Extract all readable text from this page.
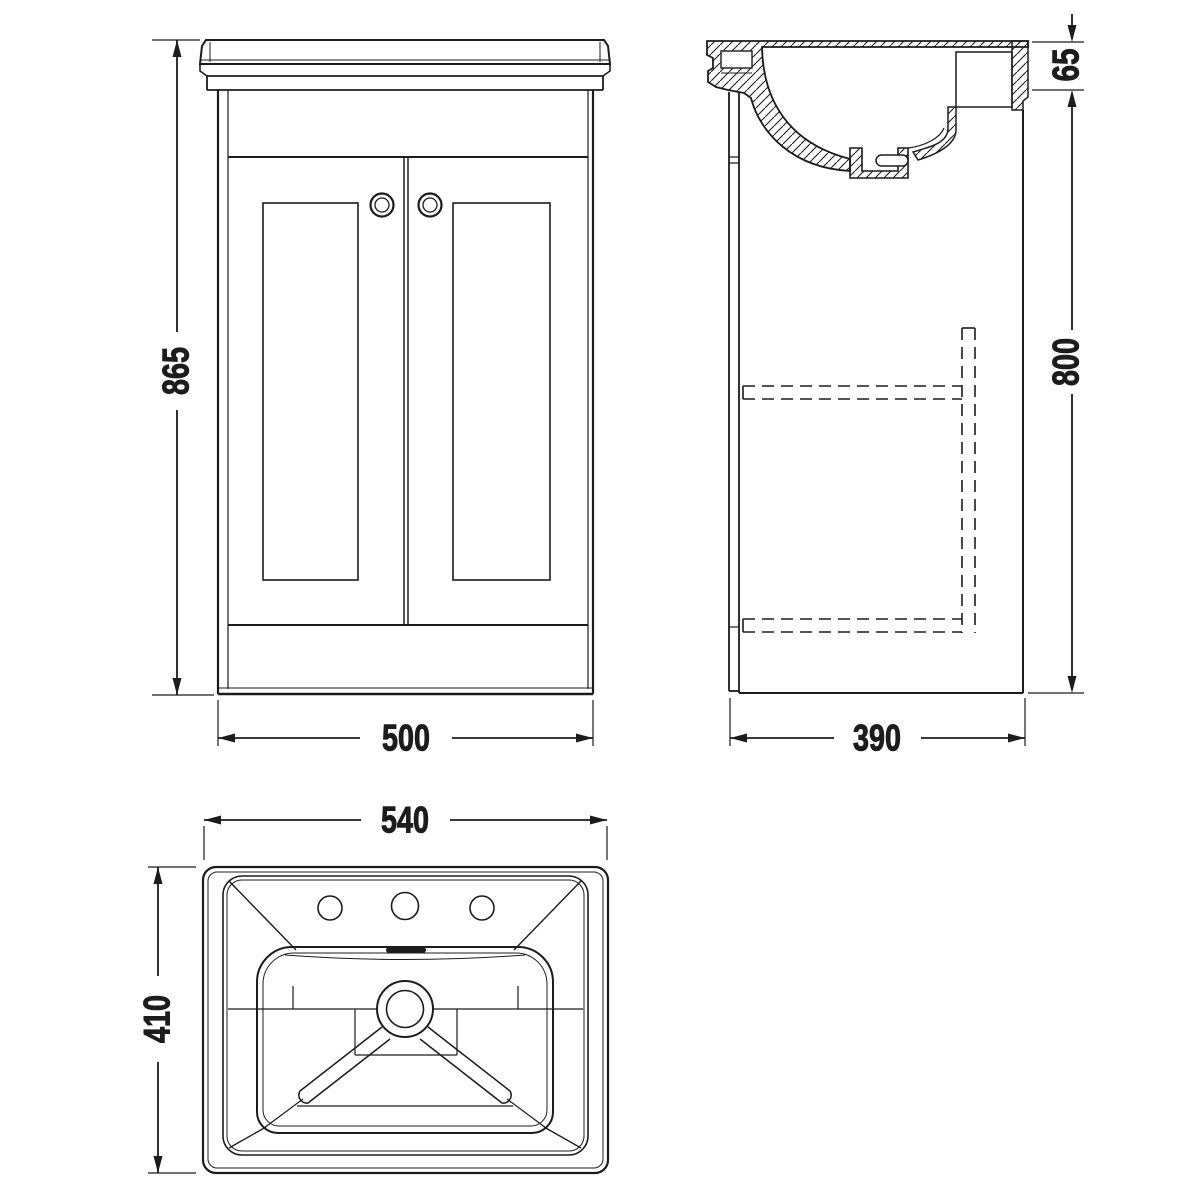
865
500
65
800
390
540
410
